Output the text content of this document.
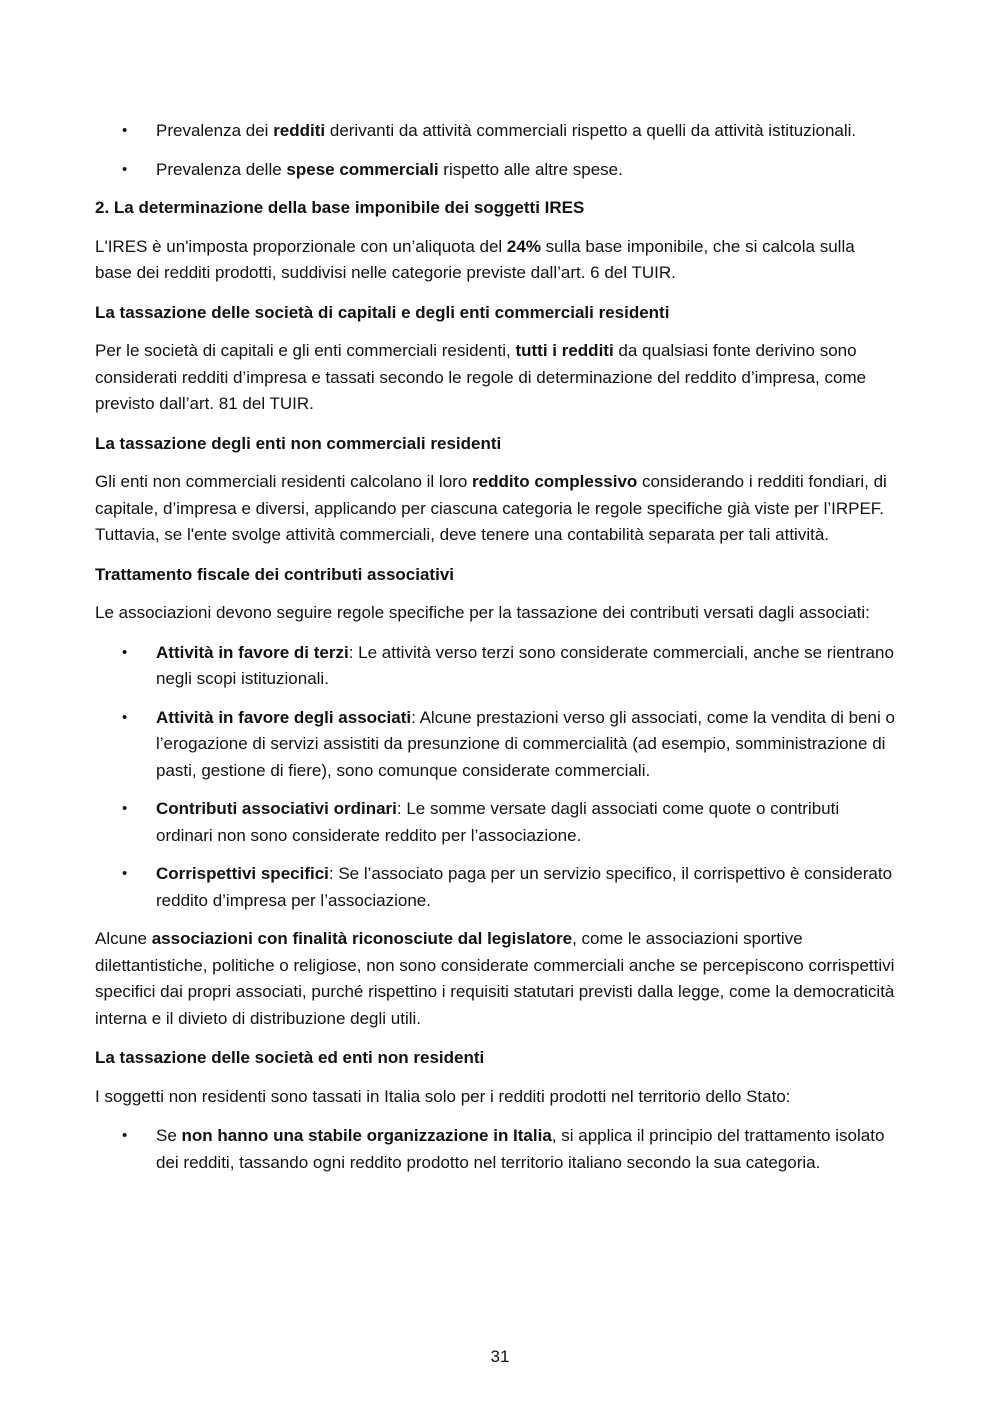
• Prevalenza dei redditi derivanti da attività commerciali rispetto a quelli da attività istituzionali.
• Prevalenza delle spese commerciali rispetto alle altre spese.
2. La determinazione della base imponibile dei soggetti IRES

L'IRES è un'imposta proporzionale con un’aliquota del 24% sulla base imponibile, che si calcola sulla base dei redditi prodotti, suddivisi nelle categorie previste dall’art. 6 del TUIR.

La tassazione delle società di capitali e degli enti commerciali residenti

Per le società di capitali e gli enti commerciali residenti, tutti i redditi da qualsiasi fonte derivino sono considerati redditi d’impresa e tassati secondo le regole di determinazione del reddito d’impresa, come previsto dall’art. 81 del TUIR.

La tassazione degli enti non commerciali residenti

Gli enti non commerciali residenti calcolano il loro reddito complessivo considerando i redditi fondiari, di capitale, d’impresa e diversi, applicando per ciascuna categoria le regole specifiche già viste per l’IRPEF. Tuttavia, se l'ente svolge attività commerciali, deve tenere una contabilità separata per tali attività.

Trattamento fiscale dei contributi associativi

Le associazioni devono seguire regole specifiche per la tassazione dei contributi versati dagli associati:

• Attività in favore di terzi: Le attività verso terzi sono considerate commerciali, anche se rientrano negli scopi istituzionali.
• Attività in favore degli associati: Alcune prestazioni verso gli associati, come la vendita di beni o l’erogazione di servizi assistiti da presunzione di commercialità (ad esempio, somministrazione di pasti, gestione di fiere), sono comunque considerate commerciali.
• Contributi associativi ordinari: Le somme versate dagli associati come quote o contributi ordinari non sono considerate reddito per l’associazione.
• Corrispettivi specifici: Se l’associato paga per un servizio specifico, il corrispettivo è considerato reddito d’impresa per l’associazione.

Alcune associazioni con finalità riconosciute dal legislatore, come le associazioni sportive dilettantistiche, politiche o religiose, non sono considerate commerciali anche se percepiscono corrispettivi specifici dai propri associati, purché rispettino i requisiti statutari previsti dalla legge, come la democraticità interna e il divieto di distribuzione degli utili.

La tassazione delle società ed enti non residenti

I soggetti non residenti sono tassati in Italia solo per i redditi prodotti nel territorio dello Stato:

• Se non hanno una stabile organizzazione in Italia, si applica il principio del trattamento isolato dei redditi, tassando ogni reddito prodotto nel territorio italiano secondo la sua categoria.
31
